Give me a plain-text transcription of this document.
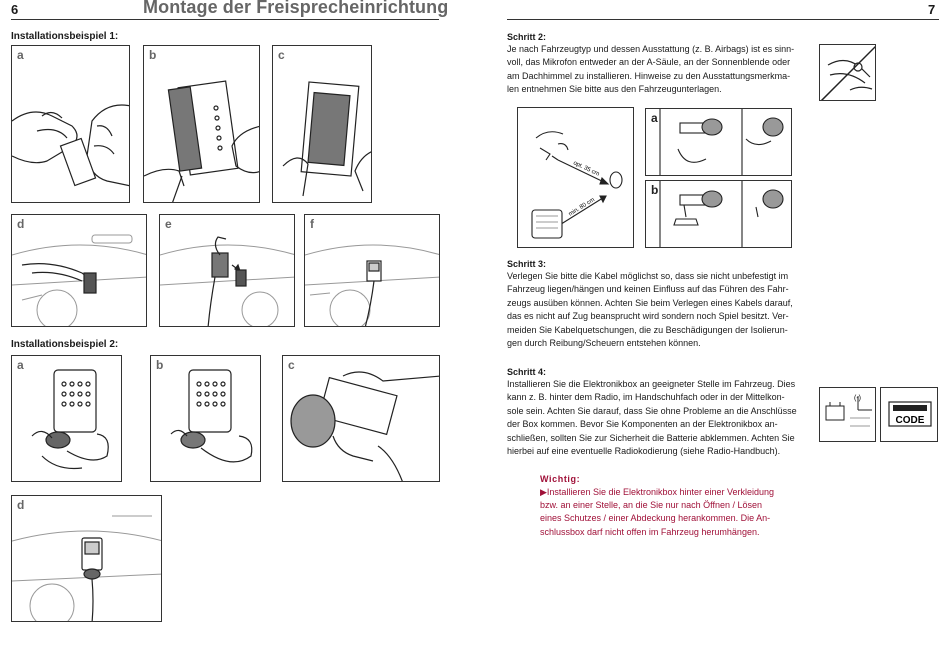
6	Montage der Freisprecheinrichtung
Installationsbeispiel 1:
a	b	c
d	e	f
Installationsbeispiel 2:
a	b	c
d
7
Schritt 2:
Je nach Fahrzeugtyp und dessen Ausstattung (z. B. Airbags) ist es sinn-
voll, das Mikrofon entweder an der A-Säule, an der Sonnenblende oder
am Dachhimmel zu installieren. Hinweise zu den Ausstattungsmerkma-
len entnehmen Sie bitte aus den Fahrzeugunterlagen.
opt. 35 cm
min. 80 cm
a
b
Schritt 3:
Verlegen Sie bitte die Kabel möglichst so, dass sie nicht unbefestigt im
Fahrzeug liegen/hängen und keinen Einfluss auf das Führen des Fahr-
zeugs ausüben können. Achten Sie beim Verlegen eines Kabels darauf,
das es nicht auf Zug beansprucht wird sondern noch Spiel besitzt. Ver-
meiden Sie Kabelquetschungen, die zu Beschädigungen der Isolierun-
gen durch Reibung/Scheuern entstehen können.
Schritt 4:
Installieren Sie die Elektronikbox an geeigneter Stelle im Fahrzeug. Dies
kann z. B. hinter dem Radio, im Handschuhfach oder in der Mittelkon-
sole sein. Achten Sie darauf, dass Sie ohne Probleme an die Anschlüsse
der Box kommen. Bevor Sie Komponenten an der Elektronikbox an-
schließen, sollten Sie zur Sicherheit die Batterie abklemmen. Achten Sie
hierbei auf eine eventuelle Radiokodierung (siehe Radio-Handbuch).
(-)
CODE
Wichtig:
▶Installieren Sie die Elektronikbox hinter einer Verkleidung
bzw. an einer Stelle, an die Sie nur nach Öffnen / Lösen
eines Schutzes / einer Abdeckung herankommen. Die An-
schlussbox darf nicht offen im Fahrzeug herumhängen.
